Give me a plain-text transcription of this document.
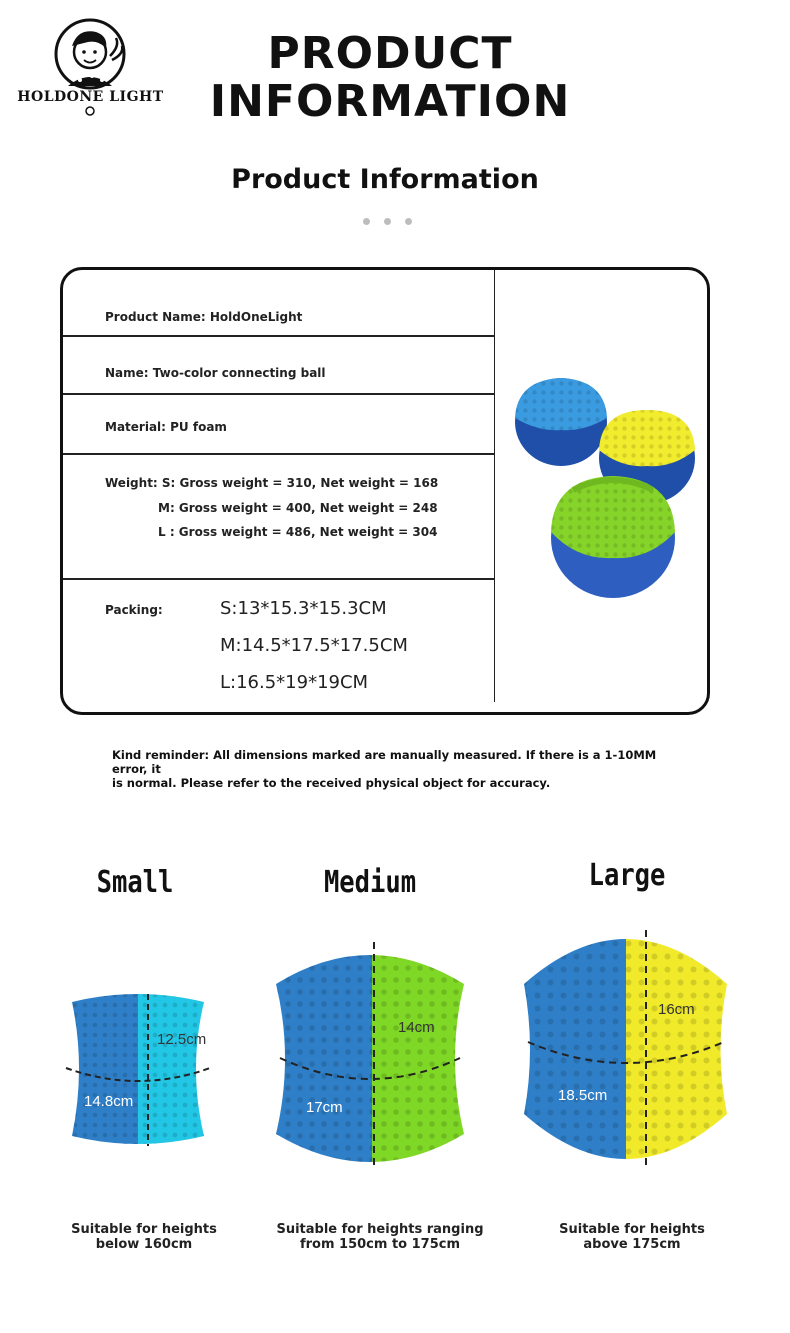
HOLDONE LIGHT
PRODUCT
INFORMATION
Product Information
Product Name: HoldOneLight
Name: Two-color connecting ball
Material: PU foam
Weight: S: Gross weight = 310, Net weight = 168
M: Gross weight = 400, Net weight = 248
L : Gross weight = 486, Net weight = 304
Packing:	S:13*15.3*15.3CM
M:14.5*17.5*17.5CM
L:16.5*19*19CM
Kind reminder: All dimensions marked are manually measured. If there is a 1-10MM error, it
is normal. Please refer to the received physical object for accuracy.
Small
12.5cm
14.8cm
Suitable for heights
below 160cm
Medium
14cm
17cm
Suitable for heights ranging
from 150cm to 175cm
Large
16cm
18.5cm
Suitable for heights
above 175cm
